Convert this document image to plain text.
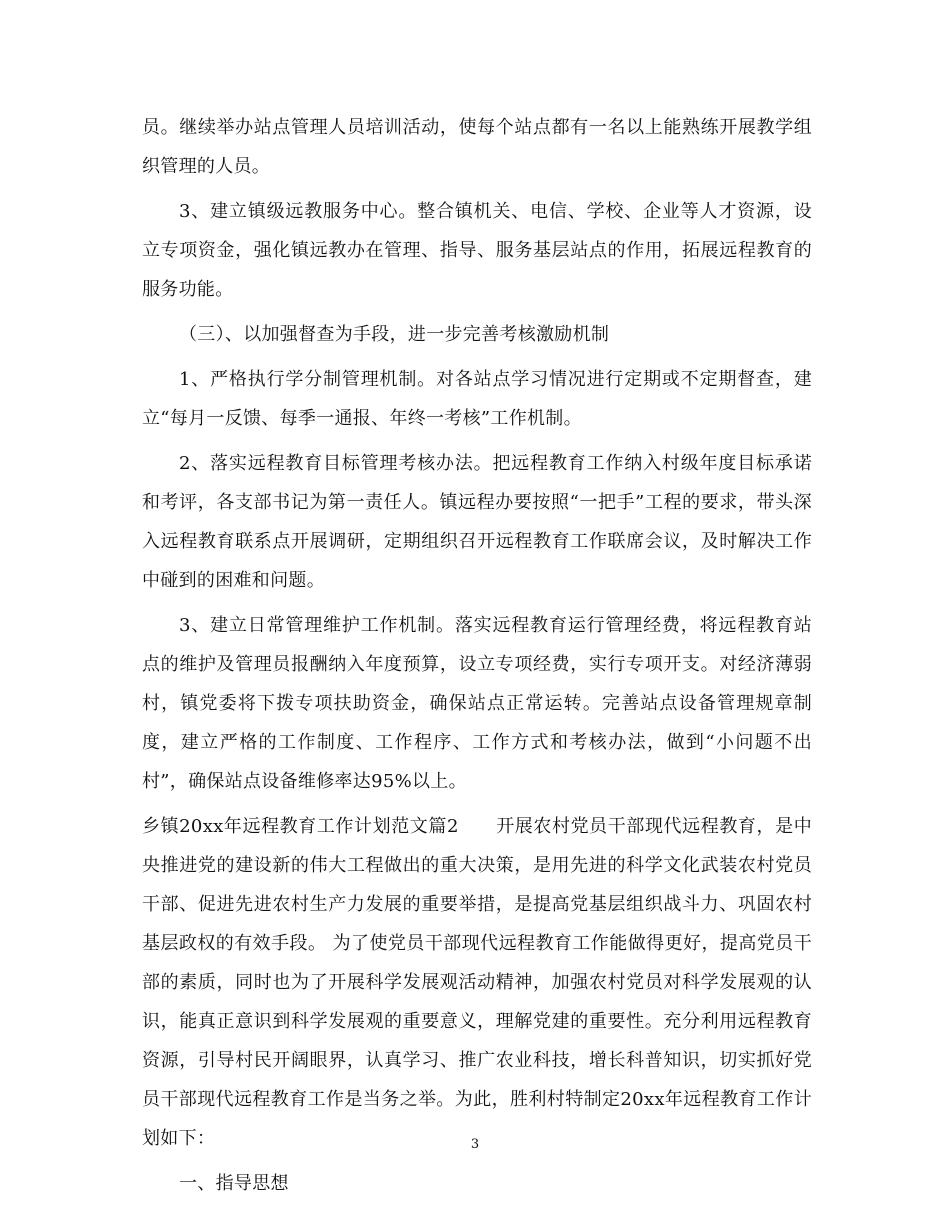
员。继续举办站点管理人员培训活动，使每个站点都有一名以上能熟练开展教学组织管理的人员。

3、建立镇级远教服务中心。整合镇机关、电信、学校、企业等人才资源，设立专项资金，强化镇远教办在管理、指导、服务基层站点的作用，拓展远程教育的服务功能。

（三）、以加强督查为手段，进一步完善考核激励机制

1、严格执行学分制管理机制。对各站点学习情况进行定期或不定期督查，建立“每月一反馈、每季一通报、年终一考核”工作机制。

2、落实远程教育目标管理考核办法。把远程教育工作纳入村级年度目标承诺和考评，各支部书记为第一责任人。镇远程办要按照“一把手”工程的要求，带头深入远程教育联系点开展调研，定期组织召开远程教育工作联席会议，及时解决工作中碰到的困难和问题。

3、建立日常管理维护工作机制。落实远程教育运行管理经费，将远程教育站点的维护及管理员报酬纳入年度预算，设立专项经费，实行专项开支。对经济薄弱村，镇党委将下拨专项扶助资金，确保站点正常运转。完善站点设备管理规章制度，建立严格的工作制度、工作程序、工作方式和考核办法，做到“小问题不出村”，确保站点设备维修率达95%以上。

乡镇20xx年远程教育工作计划范文篇2　　开展农村党员干部现代远程教育，是中央推进党的建设新的伟大工程做出的重大决策，是用先进的科学文化武装农村党员干部、促进先进农村生产力发展的重要举措，是提高党基层组织战斗力、巩固农村基层政权的有效手段。 为了使党员干部现代远程教育工作能做得更好，提高党员干部的素质，同时也为了开展科学发展观活动精神，加强农村党员对科学发展观的认识，能真正意识到科学发展观的重要意义，理解党建的重要性。充分利用远程教育资源，引导村民开阔眼界，认真学习、推广农业科技，增长科普知识，切实抓好党员干部现代远程教育工作是当务之举。为此，胜利村特制定20xx年远程教育工作计划如下：

一、指导思想

3
